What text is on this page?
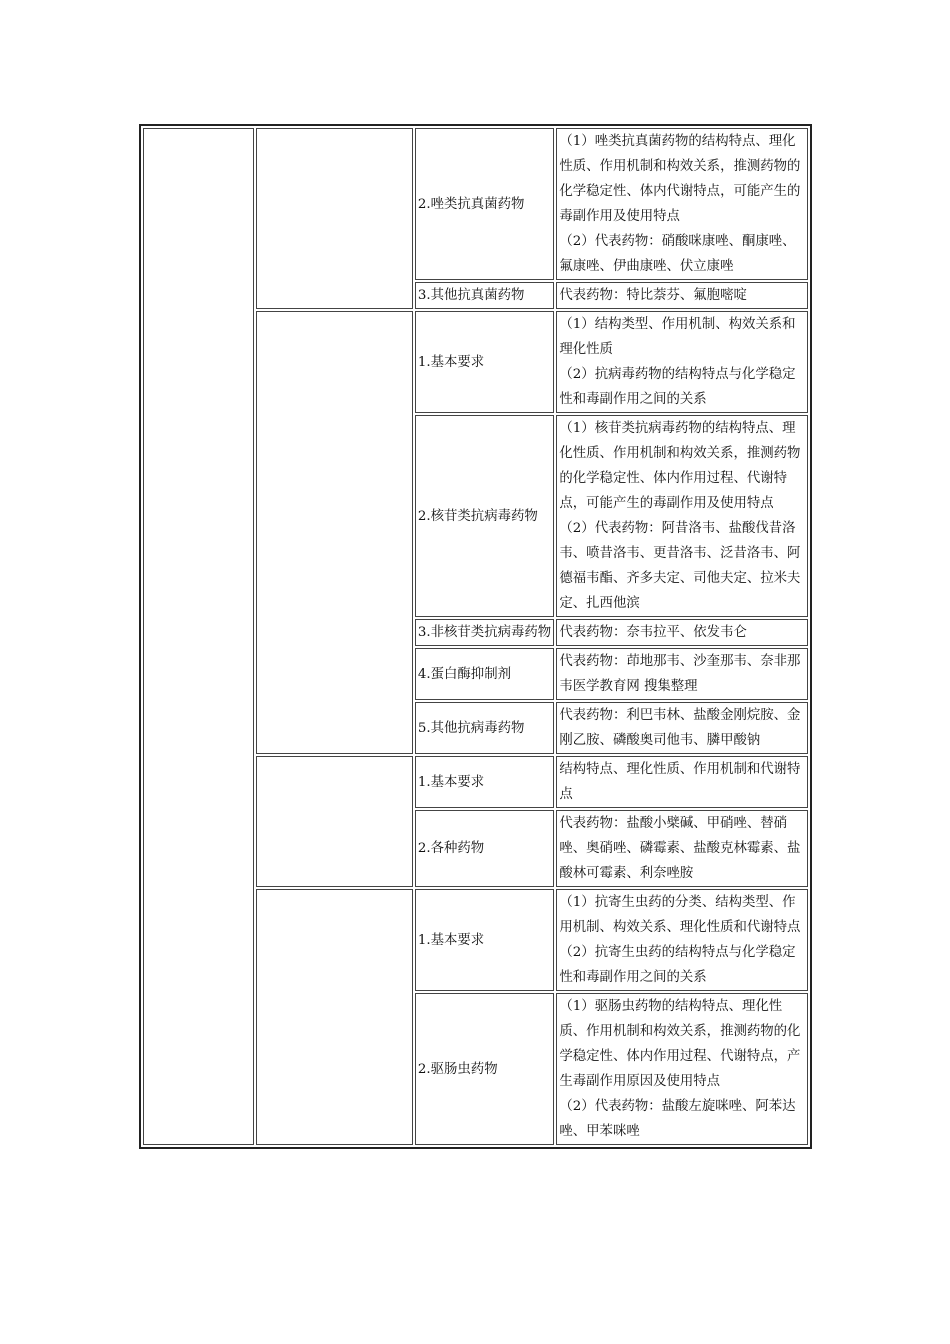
		2.唑类抗真菌药物	（1）唑类抗真菌药物的结构特点、理化性质、作用机制和构效关系，推测药物的化学稳定性、体内代谢特点，可能产生的毒副作用及使用特点
（2）代表药物：硝酸咪康唑、酮康唑、氟康唑、伊曲康唑、伏立康唑

		3.其他抗真菌药物	代表药物：特比萘芬、氟胞嘧啶

		1.基本要求	（1）结构类型、作用机制、构效关系和理化性质
（2）抗病毒药物的结构特点与化学稳定性和毒副作用之间的关系

		2.核苷类抗病毒药物	（1）核苷类抗病毒药物的结构特点、理化性质、作用机制和构效关系，推测药物的化学稳定性、体内作用过程、代谢特点，可能产生的毒副作用及使用特点
（2）代表药物：阿昔洛韦、盐酸伐昔洛韦、喷昔洛韦、更昔洛韦、泛昔洛韦、阿德福韦酯、齐多夫定、司他夫定、拉米夫定、扎西他滨

		3.非核苷类抗病毒药物	代表药物：奈韦拉平、依发韦仑

		4.蛋白酶抑制剂	代表药物：茚地那韦、沙奎那韦、奈非那韦医学教育网 搜集整理

		5.其他抗病毒药物	代表药物：利巴韦林、盐酸金刚烷胺、金刚乙胺、磷酸奥司他韦、膦甲酸钠

		1.基本要求	结构特点、理化性质、作用机制和代谢特点

		2.各种药物	代表药物：盐酸小檗碱、甲硝唑、替硝唑、奥硝唑、磷霉素、盐酸克林霉素、盐酸林可霉素、利奈唑胺

		1.基本要求	（1）抗寄生虫药的分类、结构类型、作用机制、构效关系、理化性质和代谢特点
（2）抗寄生虫药的结构特点与化学稳定性和毒副作用之间的关系

		2.驱肠虫药物	（1）驱肠虫药物的结构特点、理化性质、作用机制和构效关系，推测药物的化学稳定性、体内作用过程、代谢特点，产生毒副作用原因及使用特点
（2）代表药物：盐酸左旋咪唑、阿苯达唑、甲苯咪唑
